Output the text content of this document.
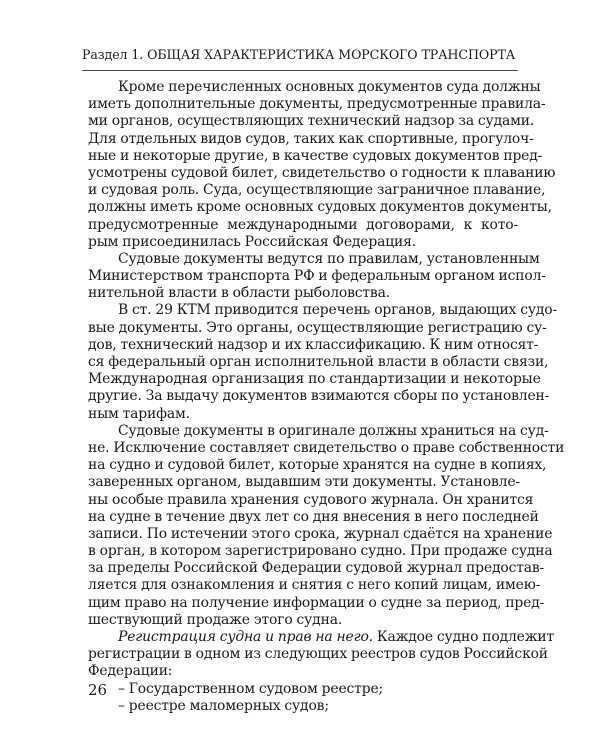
Раздел 1. ОБЩАЯ ХАРАКТЕРИСТИКА МОРСКОГО ТРАНСПОРТА
Кроме перечисленных основных документов суда должны
иметь дополнительные документы, предусмотренные правила-
ми органов, осуществляющих технический надзор за судами.
Для отдельных видов судов, таких как спортивные, прогулоч-
ные и некоторые другие, в качестве судовых документов пред-
усмотрены судовой билет, свидетельство о годности к плаванию
и судовая роль. Суда, осуществляющие заграничное плавание,
должны иметь кроме основных судовых документов документы,
предусмотренные международными договорами, к кото-
рым присоединилась Российская Федерация.
Судовые документы ведутся по правилам, установленным
Министерством транспорта РФ и федеральным органом испол-
нительной власти в области рыболовства.
В ст. 29 КТМ приводится перечень органов, выдающих судо-
вые документы. Это органы, осуществляющие регистрацию су-
дов, технический надзор и их классификацию. К ним относят-
ся федеральный орган исполнительной власти в области связи,
Международная организация по стандартизации и некоторые
другие. За выдачу документов взимаются сборы по установлен-
ным тарифам.
Судовые документы в оригинале должны храниться на суд-
не. Исключение составляет свидетельство о праве собственности
на судно и судовой билет, которые хранятся на судне в копиях,
заверенных органом, выдавшим эти документы. Установле-
ны особые правила хранения судового журнала. Он хранится
на судне в течение двух лет со дня внесения в него последней
записи. По истечении этого срока, журнал сдаётся на хранение
в орган, в котором зарегистрировано судно. При продаже судна
за пределы Российской Федерации судовой журнал предостав-
ляется для ознакомления и снятия с него копий лицам, имею-
щим право на получение информации о судне за период, пред-
шествующий продаже этого судна.
Регистрация судна и прав на него. Каждое судно подлежит
регистрации в одном из следующих реестров судов Российской
Федерации:
– Государственном судовом реестре;
– реестре маломерных судов;
26
